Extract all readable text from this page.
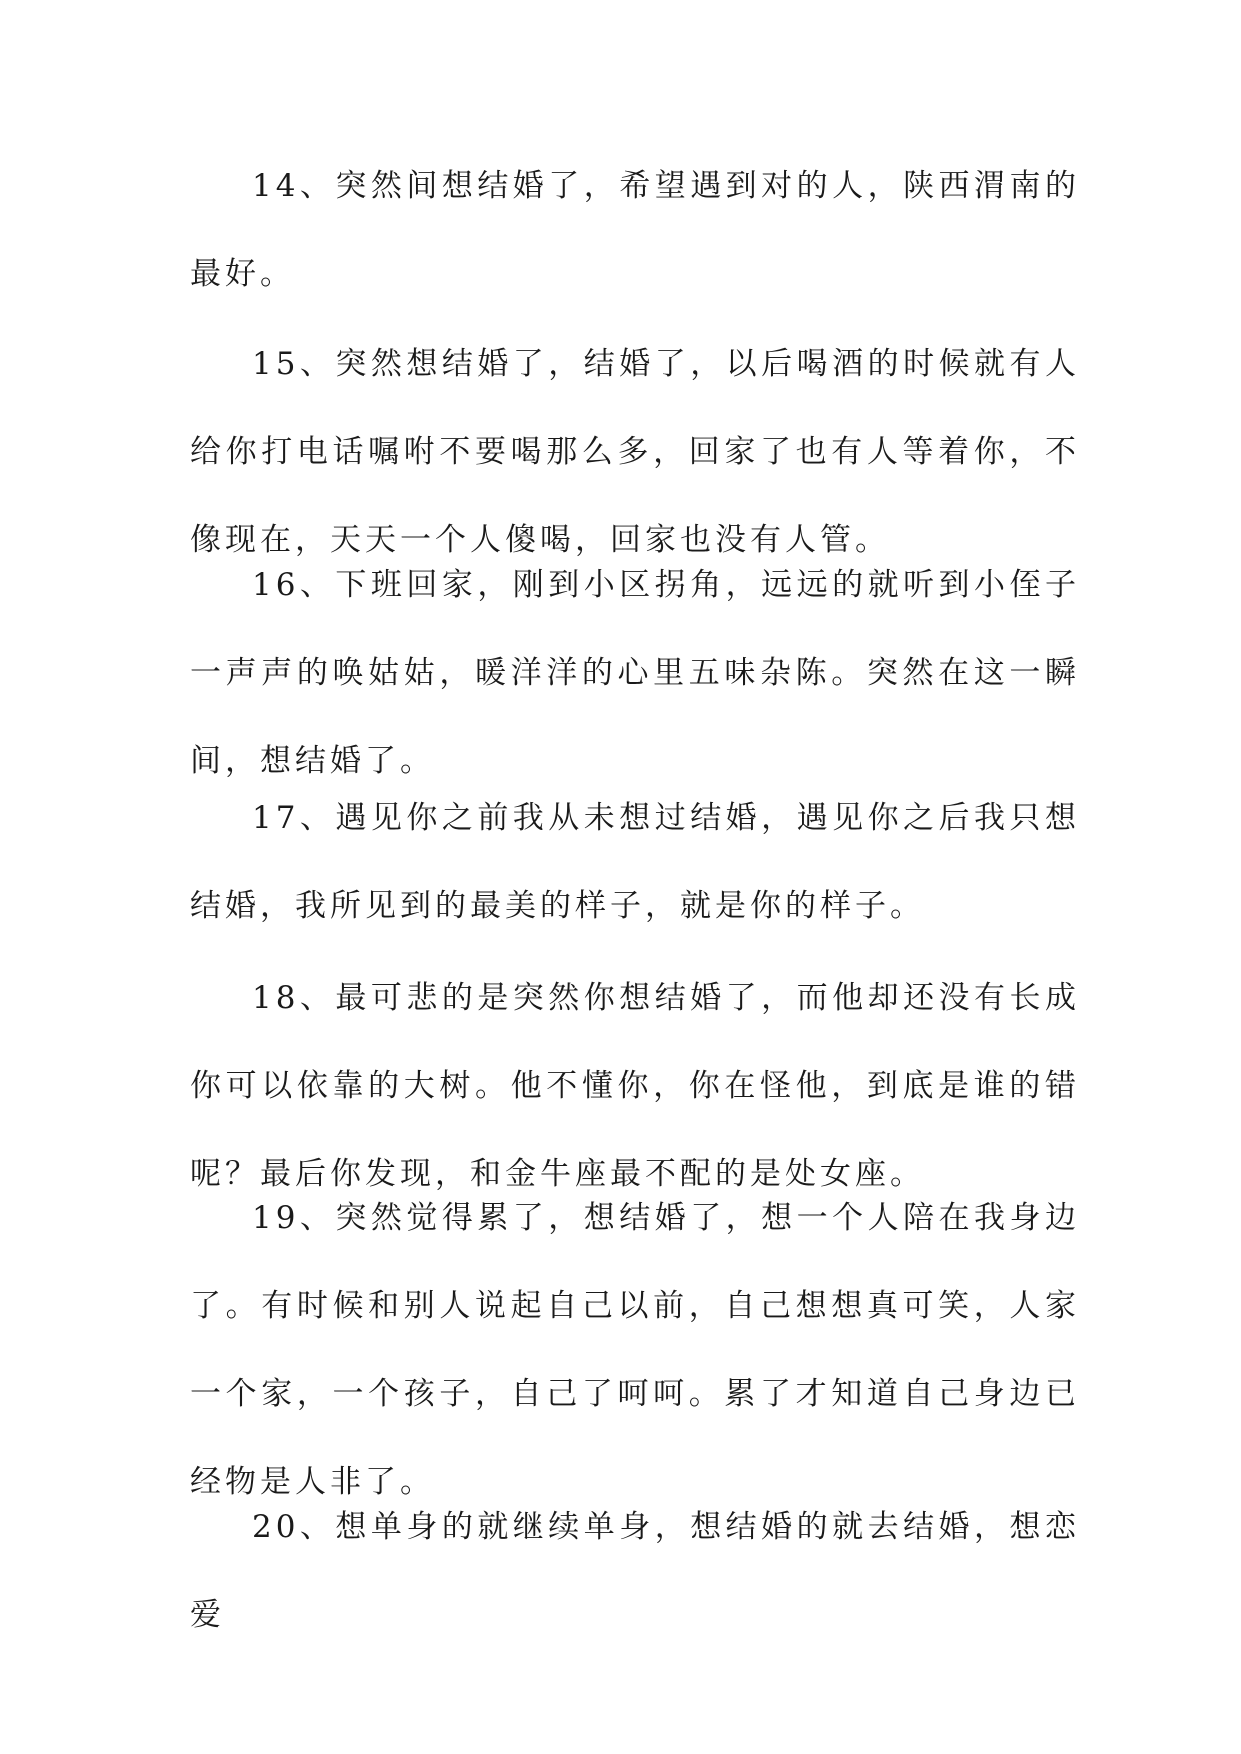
14、突然间想结婚了，希望遇到对的人，陕西渭南的最好。

15、突然想结婚了，结婚了，以后喝酒的时候就有人给你打电话嘱咐不要喝那么多，回家了也有人等着你，不像现在，天天一个人傻喝，回家也没有人管。

16、下班回家，刚到小区拐角，远远的就听到小侄子一声声的唤姑姑，暖洋洋的心里五味杂陈。突然在这一瞬间，想结婚了。

17、遇见你之前我从未想过结婚，遇见你之后我只想结婚，我所见到的最美的样子，就是你的样子。

18、最可悲的是突然你想结婚了，而他却还没有长成你可以依靠的大树。他不懂你，你在怪他，到底是谁的错呢？最后你发现，和金牛座最不配的是处女座。

19、突然觉得累了，想结婚了，想一个人陪在我身边了。有时候和别人说起自己以前，自己想想真可笑，人家一个家，一个孩子，自己了呵呵。累了才知道自己身边已经物是人非了。

20、想单身的就继续单身，想结婚的就去结婚，想恋爱
